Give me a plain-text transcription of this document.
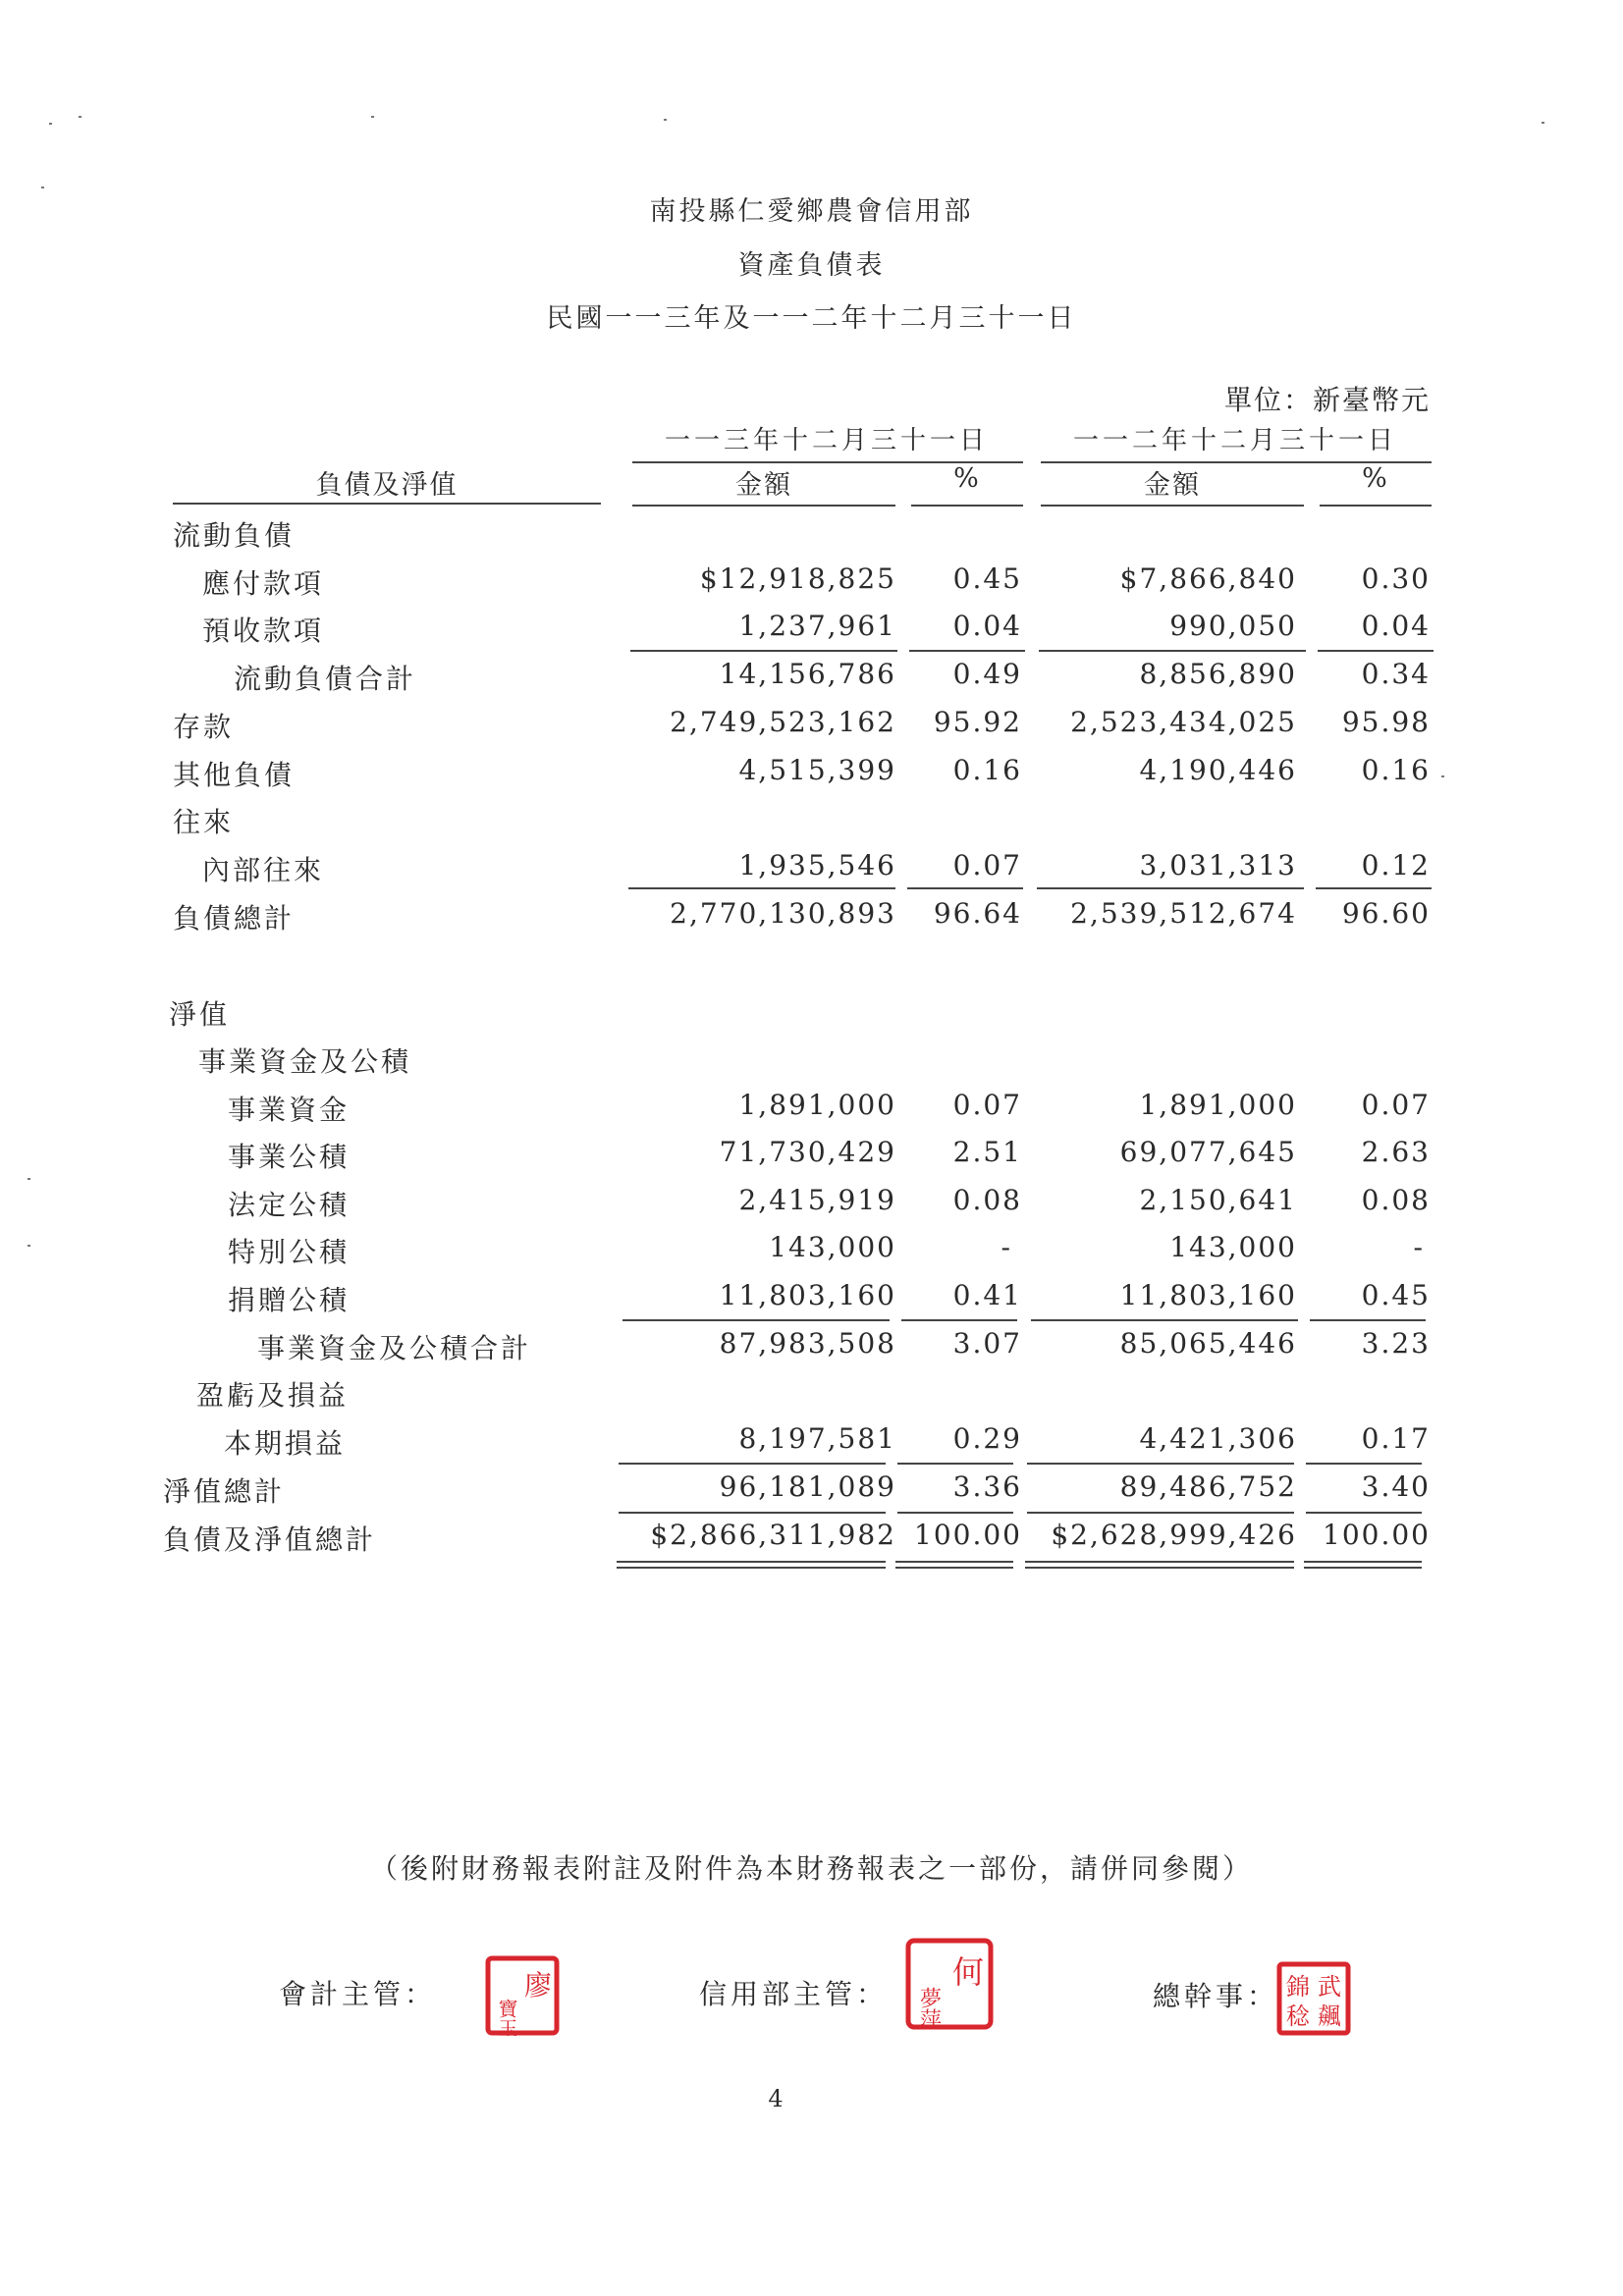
南投縣仁愛鄉農會信用部
資產負債表
民國一一三年及一一二年十二月三十一日
單位：新臺幣元
一一三年十二月三十一日	一一二年十二月三十一日
負債及淨值	金額	%	金額	%
流動負債
應付款項	$12,918,825 0.45	$7,866,840 0.30
預收款項	1,237,961 0.04	990,050 0.04
流動負債合計	14,156,786 0.49	8,856,890 0.34
存款	2,749,523,162 95.92 2,523,434,025 95.98
其他負債	4,515,399 0.16	4,190,446 0.16
往來
內部往來	1,935,546 0.07	3,031,313 0.12
負債總計	2,770,130,893 96.64 2,539,512,674 96.60
淨值
事業資金及公積
事業資金	1,891,000 0.07	1,891,000 0.07
事業公積	71,730,429 2.51	69,077,645 2.63
法定公積	2,415,919 0.08	2,150,641 0.08
特別公積	143,000	-	143,000	-
捐贈公積	11,803,160 0.41	11,803,160 0.45
事業資金及公積合計	87,983,508 3.07	85,065,446 3.23
盈虧及損益
本期損益	8,197,581 0.29	4,421,306 0.17
淨值總計	96,181,089 3.36	89,486,752 3.40
負債及淨值總計	$2,866,311,982 100.00 $2,628,999,426 100.00
（後附財務報表附註及附件為本財務報表之一部份，請併同參閱）
會計主管：	廖
寶玉
信用部主管：
何
夢萍	總幹事： 錦 武
稔 飆
4
